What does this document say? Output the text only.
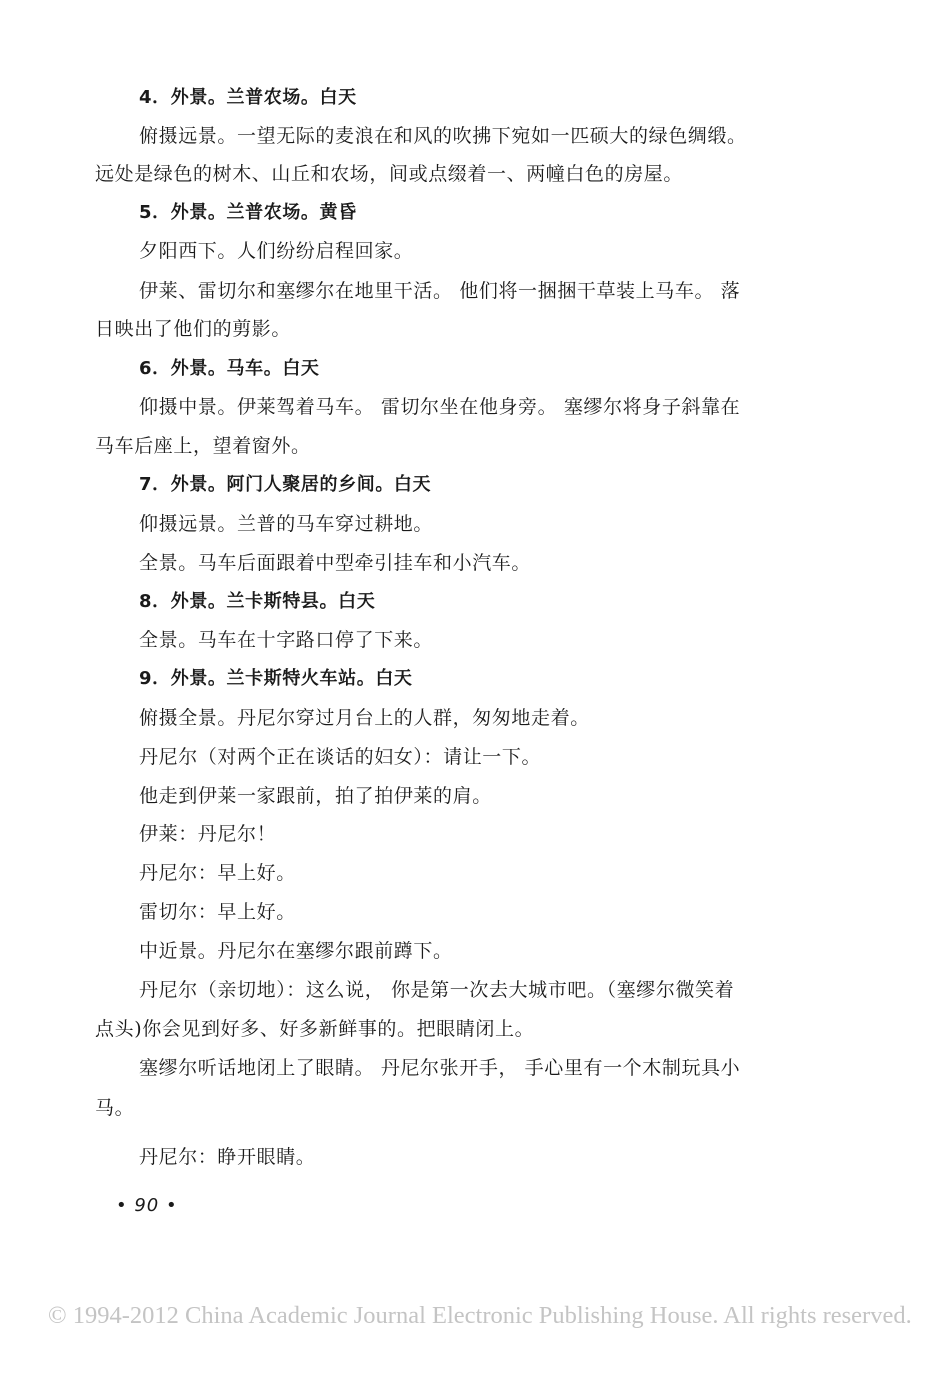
4．外景。兰普农场。白天
俯摄远景。一望无际的麦浪在和风的吹拂下宛如一匹硕大的绿色绸缎。
远处是绿色的树木、山丘和农场，间或点缀着一、两幢白色的房屋。
5．外景。兰普农场。黄昏
夕阳西下。人们纷纷启程回家。
伊莱、雷切尔和塞缪尔在地里干活。 他们将一捆捆干草装上马车。 落
日映出了他们的剪影。
6．外景。马车。白天
仰摄中景。伊莱驾着马车。 雷切尔坐在他身旁。 塞缪尔将身子斜靠在
马车后座上，望着窗外。
7．外景。阿门人聚居的乡间。白天
仰摄远景。兰普的马车穿过耕地。
全景。马车后面跟着中型牵引挂车和小汽车。
8．外景。兰卡斯特县。白天
全景。马车在十字路口停了下来。
9．外景。兰卡斯特火车站。白天
俯摄全景。丹尼尔穿过月台上的人群，匆匆地走着。
丹尼尔（对两个正在谈话的妇女）：请让一下。
他走到伊莱一家跟前，拍了拍伊莱的肩。
伊莱：丹尼尔！
丹尼尔：早上好。
雷切尔：早上好。
中近景。丹尼尔在塞缪尔跟前蹲下。
丹尼尔（亲切地）：这么说， 你是第一次去大城市吧。（塞缪尔微笑着
点头)你会见到好多、好多新鲜事的。把眼睛闭上。
塞缪尔听话地闭上了眼睛。 丹尼尔张开手， 手心里有一个木制玩具小
马。
丹尼尔：睁开眼睛。
• 90 •
© 1994-2012 China Academic Journal Electronic Publishing House. All rights reserved.
